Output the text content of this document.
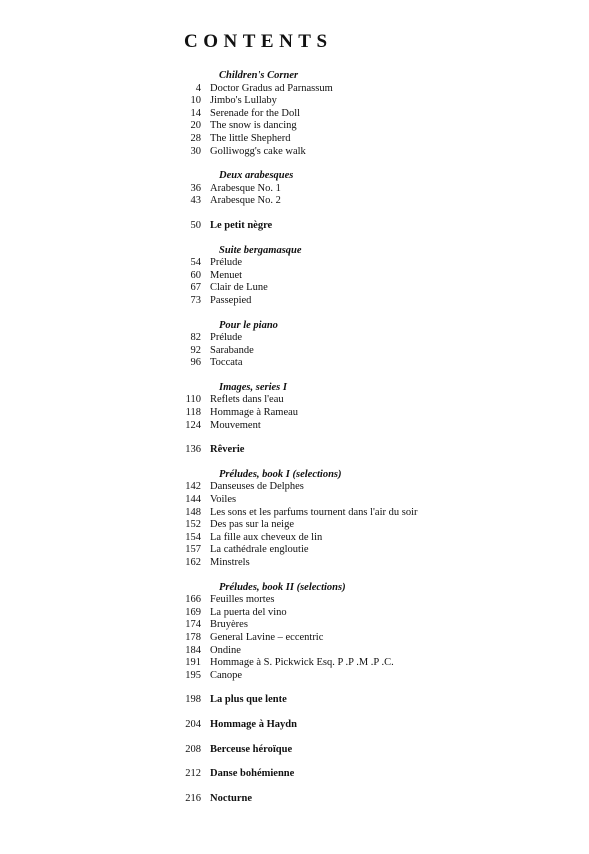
CONTENTS
Children's Corner
4 Doctor Gradus ad Parnassum
10 Jimbo's Lullaby
14 Serenade for the Doll
20 The snow is dancing
28 The little Shepherd
30 Golliwogg's cake walk
Deux arabesques
36 Arabesque No. 1
43 Arabesque No. 2
50 Le petit nègre
Suite bergamasque
54 Prélude
60 Menuet
67 Clair de Lune
73 Passepied
Pour le piano
82 Prélude
92 Sarabande
96 Toccata
Images, series I
110 Reflets dans l'eau
118 Hommage à Rameau
124 Mouvement
136 Rêverie
Préludes, book I (selections)
142 Danseuses de Delphes
144 Voiles
148 Les sons et les parfums tournent dans l'air du soir
152 Des pas sur la neige
154 La fille aux cheveux de lin
157 La cathédrale engloutie
162 Minstrels
Préludes, book II (selections)
166 Feuilles mortes
169 La puerta del vino
174 Bruyères
178 General Lavine – eccentric
184 Ondine
191 Hommage à S. Pickwick Esq. P .P .M .P .C.
195 Canope
198 La plus que lente
204 Hommage à Haydn
208 Berceuse héroïque
212 Danse bohémienne
216 Nocturne
